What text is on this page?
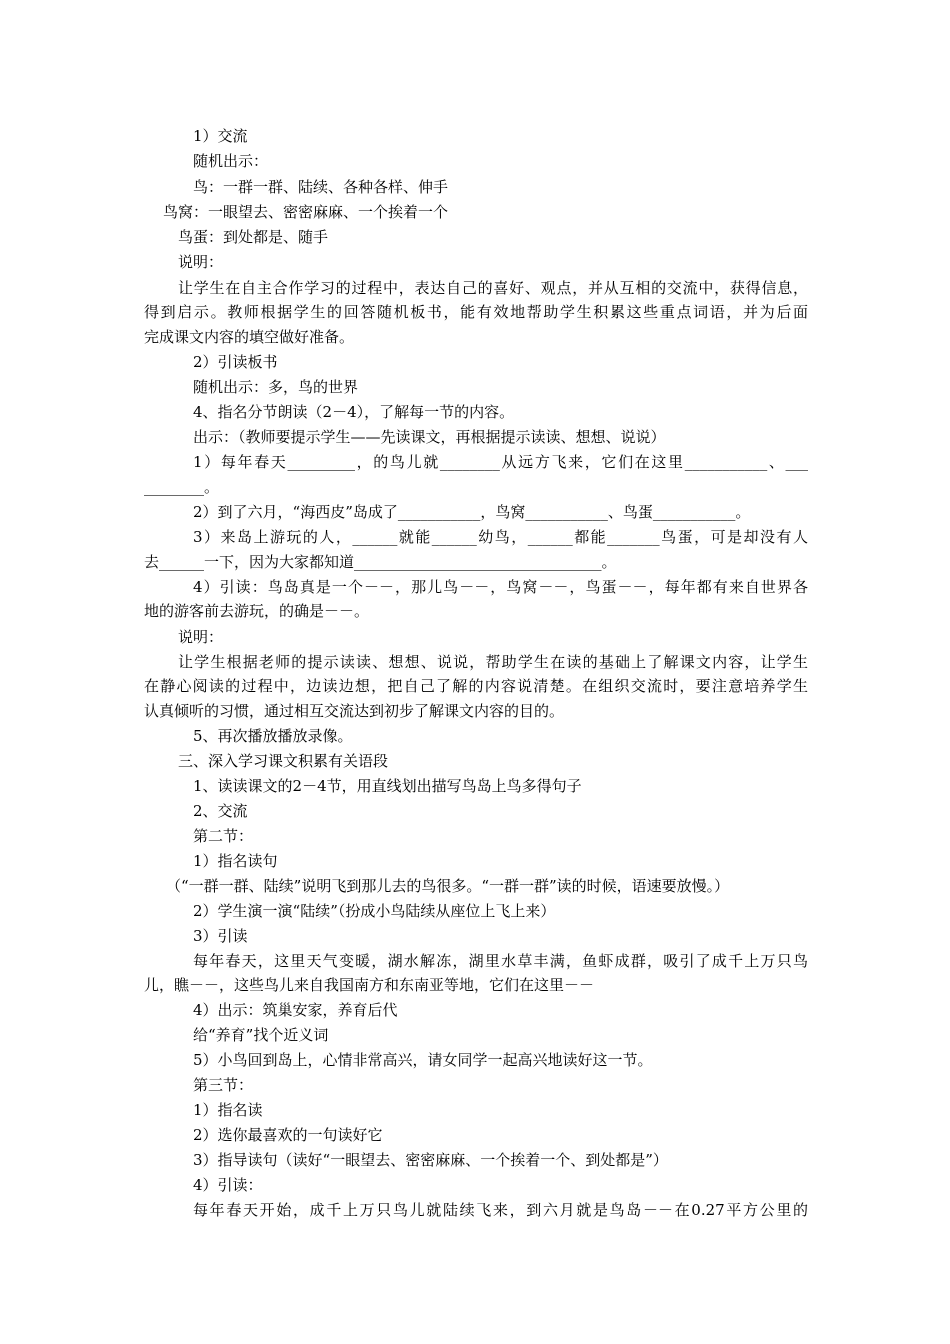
1）交流
随机出示：
鸟：一群一群、陆续、各种各样、伸手
鸟窝：一眼望去、密密麻麻、一个挨着一个
鸟蛋：到处都是、随手
说明：
让学生在自主合作学习的过程中，表达自己的喜好、观点，并从互相的交流中，获得信息，
得到启示。教师根据学生的回答随机板书，能有效地帮助学生积累这些重点词语，并为后面
完成课文内容的填空做好准备。
2）引读板书
随机出示：多，鸟的世界
4、指名分节朗读（2－4），了解每一节的内容。
出示：（教师要提示学生——先读课文，再根据提示读读、想想、说说）
1）每年春天_________，的鸟儿就________从远方飞来，它们在这里___________、___
________。
2）到了六月，“海西皮”岛成了___________，鸟窝___________、鸟蛋___________。
3）来岛上游玩的人，______就能______幼鸟，______都能_______鸟蛋，可是却没有人
去______一下，因为大家都知道_________________________________。
4）引读：鸟岛真是一个－－，那儿鸟－－，鸟窝－－，鸟蛋－－，每年都有来自世界各
地的游客前去游玩，的确是－－。
说明：
让学生根据老师的提示读读、想想、说说，帮助学生在读的基础上了解课文内容，让学生
在静心阅读的过程中，边读边想，把自己了解的内容说清楚。在组织交流时，要注意培养学生
认真倾听的习惯，通过相互交流达到初步了解课文内容的目的。
5、再次播放播放录像。
三、深入学习课文积累有关语段
1、读读课文的2－4节，用直线划出描写鸟岛上鸟多得句子
2、交流
第二节：
1）指名读句
（“一群一群、陆续”说明飞到那儿去的鸟很多。“一群一群”读的时候，语速要放慢。）
2）学生演一演“陆续”（扮成小鸟陆续从座位上飞上来）
3）引读
每年春天，这里天气变暖，湖水解冻，湖里水草丰满，鱼虾成群，吸引了成千上万只鸟
儿，瞧－－，这些鸟儿来自我国南方和东南亚等地，它们在这里－－
4）出示：筑巢安家，养育后代
给“养育”找个近义词
5）小鸟回到岛上，心情非常高兴，请女同学一起高兴地读好这一节。
第三节：
1）指名读
2）选你最喜欢的一句读好它
3）指导读句（读好“一眼望去、密密麻麻、一个挨着一个、到处都是”）
4）引读：
每年春天开始，成千上万只鸟儿就陆续飞来，到六月就是鸟岛－－在0.27平方公里的
